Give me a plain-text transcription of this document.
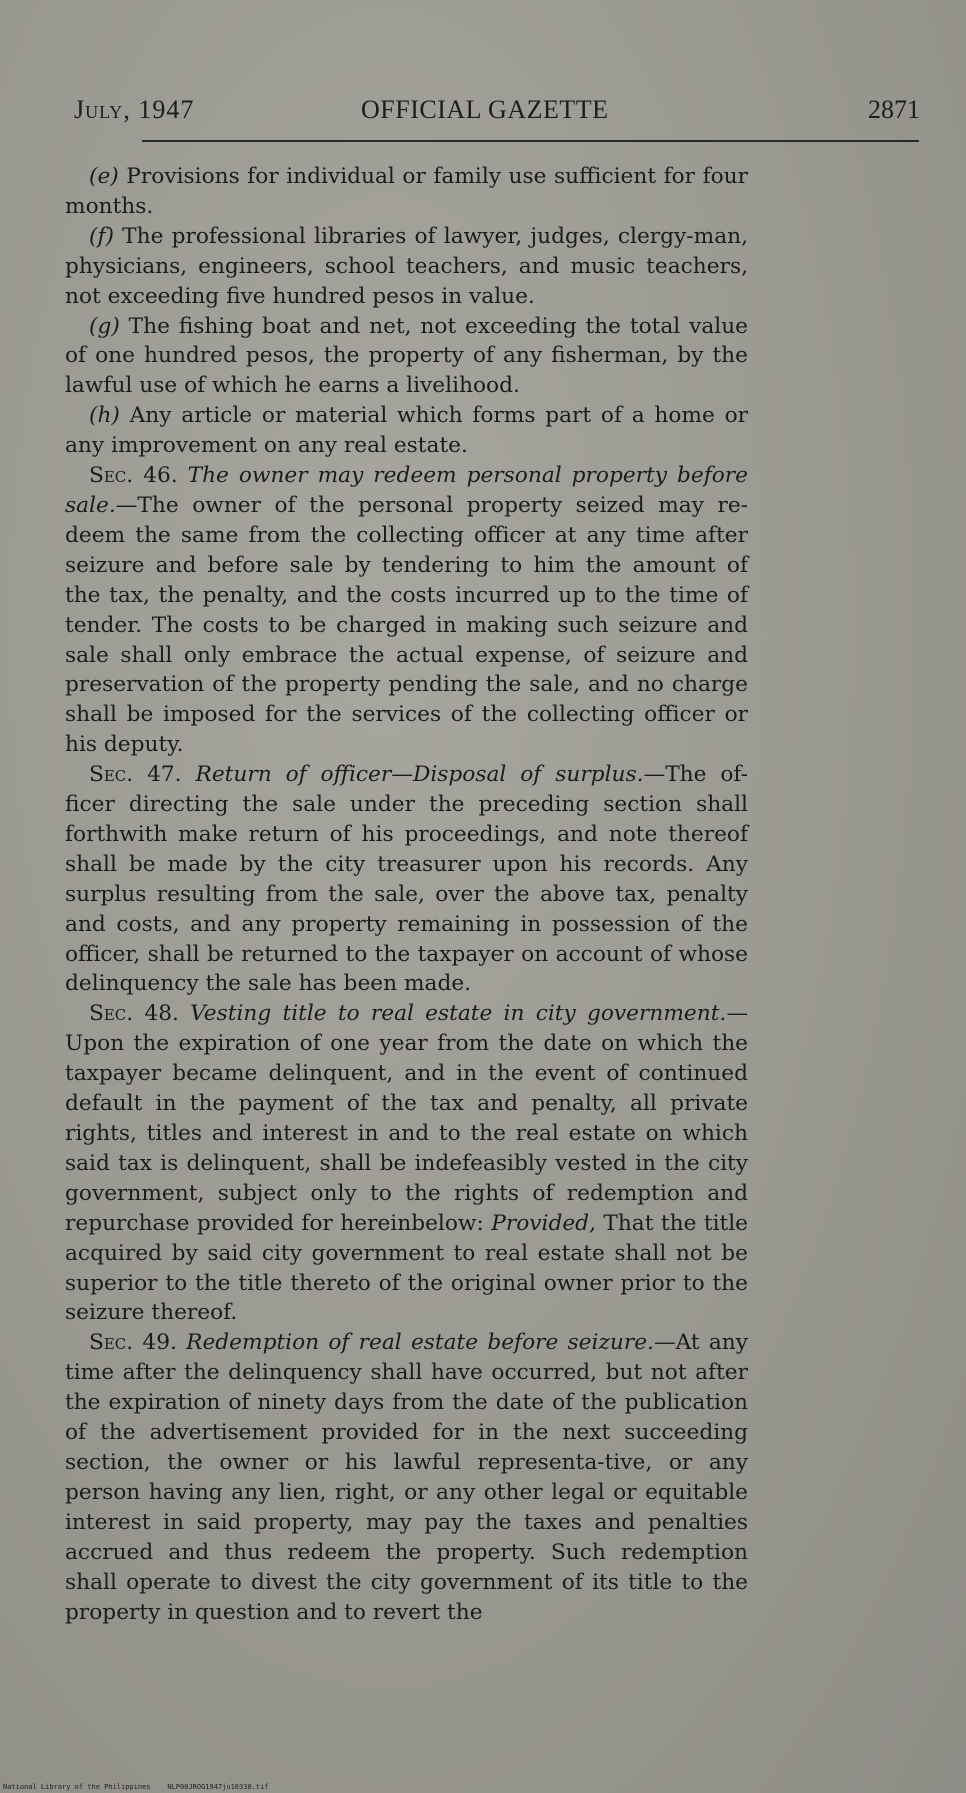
July, 1947	OFFICIAL GAZETTE	2871

(e) Provisions for individual or family use sufficient for four months.

(f) The professional libraries of lawyer, judges, clergy-man, physicians, engineers, school teachers, and music teachers, not exceeding five hundred pesos in value.

(g) The fishing boat and net, not exceeding the total value of one hundred pesos, the property of any fisherman, by the lawful use of which he earns a livelihood.

(h) Any article or material which forms part of a home or any improvement on any real estate.

Sec. 46. The owner may redeem personal property before sale.—The owner of the personal property seized may re-deem the same from the collecting officer at any time after seizure and before sale by tendering to him the amount of the tax, the penalty, and the costs incurred up to the time of tender. The costs to be charged in making such seizure and sale shall only embrace the actual expense, of seizure and preservation of the property pending the sale, and no charge shall be imposed for the services of the collecting officer or his deputy.

Sec. 47. Return of officer—Disposal of surplus.—The of-ficer directing the sale under the preceding section shall forthwith make return of his proceedings, and note thereof shall be made by the city treasurer upon his records. Any surplus resulting from the sale, over the above tax, penalty and costs, and any property remaining in possession of the officer, shall be returned to the taxpayer on account of whose delinquency the sale has been made.

Sec. 48. Vesting title to real estate in city government.— Upon the expiration of one year from the date on which the taxpayer became delinquent, and in the event of continued default in the payment of the tax and penalty, all private rights, titles and interest in and to the real estate on which said tax is delinquent, shall be indefeasibly vested in the city government, subject only to the rights of redemption and repurchase provided for hereinbelow: Provided, That the title acquired by said city government to real estate shall not be superior to the title thereto of the original owner prior to the seizure thereof.

Sec. 49. Redemption of real estate before seizure.—At any time after the delinquency shall have occurred, but not after the expiration of ninety days from the date of the publication of the advertisement provided for in the next succeeding section, the owner or his lawful representa-tive, or any person having any lien, right, or any other legal or equitable interest in said property, may pay the taxes and penalties accrued and thus redeem the property. Such redemption shall operate to divest the city government of its title to the property in question and to revert the

National Library of the Philippines NLP00JROG1947ju10330.tif
